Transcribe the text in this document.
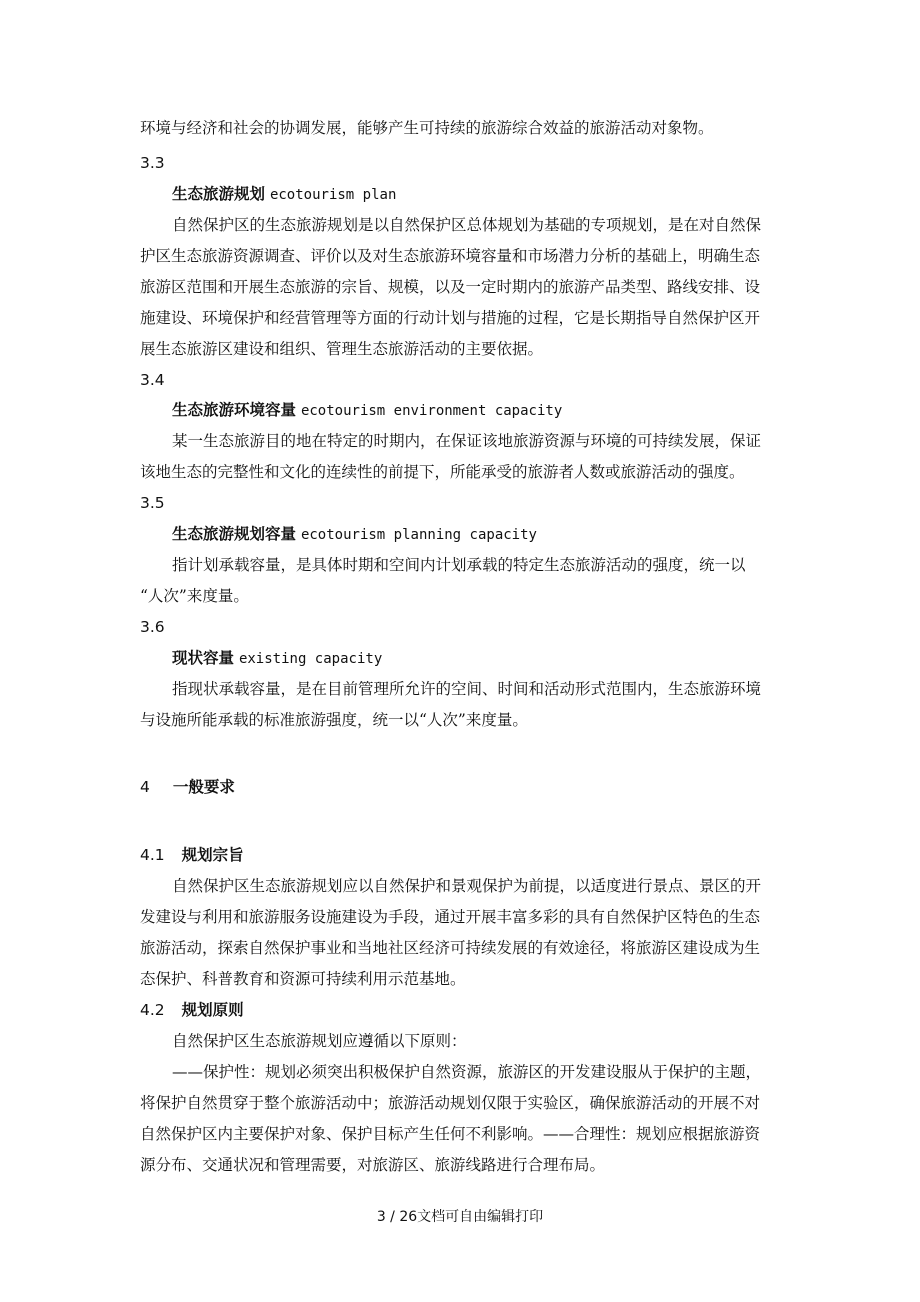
环境与经济和社会的协调发展，能够产生可持续的旅游综合效益的旅游活动对象物。
3.3
生态旅游规划 ecotourism plan
自然保护区的生态旅游规划是以自然保护区总体规划为基础的专项规划，是在对自然保
护区生态旅游资源调查、评价以及对生态旅游环境容量和市场潜力分析的基础上，明确生态
旅游区范围和开展生态旅游的宗旨、规模，以及一定时期内的旅游产品类型、路线安排、设
施建设、环境保护和经营管理等方面的行动计划与措施的过程，它是长期指导自然保护区开
展生态旅游区建设和组织、管理生态旅游活动的主要依据。
3.4
生态旅游环境容量 ecotourism environment capacity
某一生态旅游目的地在特定的时期内，在保证该地旅游资源与环境的可持续发展，保证
该地生态的完整性和文化的连续性的前提下，所能承受的旅游者人数或旅游活动的强度。
3.5
生态旅游规划容量 ecotourism planning capacity
指计划承载容量，是具体时期和空间内计划承载的特定生态旅游活动的强度，统一以
“人次”来度量。
3.6
现状容量 existing capacity
指现状承载容量，是在目前管理所允许的空间、时间和活动形式范围内，生态旅游环境
与设施所能承载的标准旅游强度，统一以“人次”来度量。
4 一般要求
4.1 规划宗旨
自然保护区生态旅游规划应以自然保护和景观保护为前提，以适度进行景点、景区的开
发建设与利用和旅游服务设施建设为手段，通过开展丰富多彩的具有自然保护区特色的生态
旅游活动，探索自然保护事业和当地社区经济可持续发展的有效途径，将旅游区建设成为生
态保护、科普教育和资源可持续利用示范基地。
4.2 规划原则
自然保护区生态旅游规划应遵循以下原则：
——保护性：规划必须突出积极保护自然资源，旅游区的开发建设服从于保护的主题，
将保护自然贯穿于整个旅游活动中；旅游活动规划仅限于实验区，确保旅游活动的开展不对
自然保护区内主要保护对象、保护目标产生任何不利影响。——合理性：规划应根据旅游资
源分布、交通状况和管理需要，对旅游区、旅游线路进行合理布局。
3 / 26文档可自由编辑打印
